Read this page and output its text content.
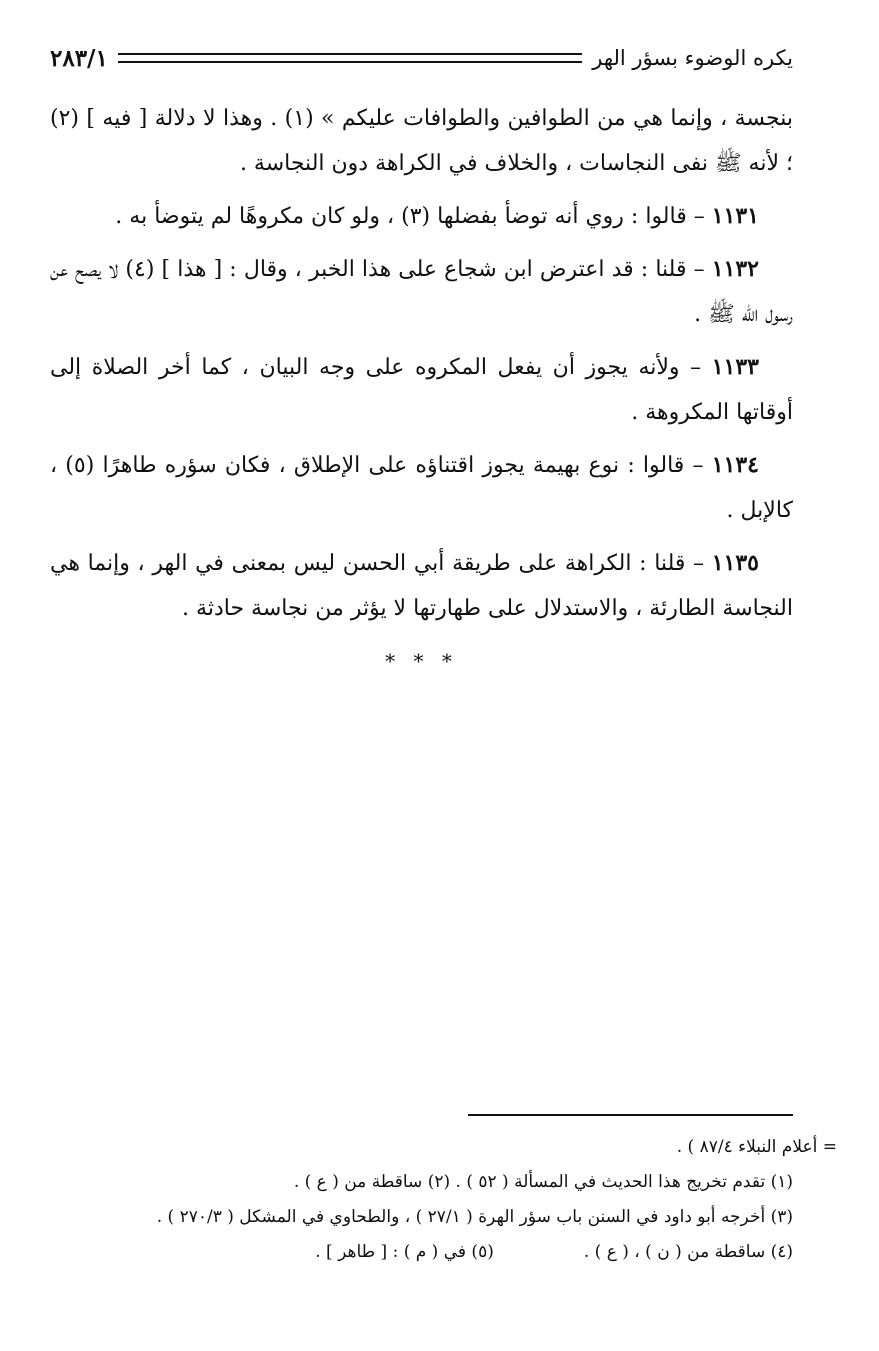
يكره الوضوء بسؤر الهر
٢٨٣/١

بنجسة ، وإنما هي من الطوافين والطوافات عليكم » (١) . وهذا لا دلالة [ فيه ] (٢) ؛ لأنه ﷺ نفى النجاسات ، والخلاف في الكراهة دون النجاسة .

١١٣١ – قالوا : روي أنه توضأ بفضلها (٣) ، ولو كان مكروهًا لم يتوضأ به .

١١٣٢ – قلنا : قد اعترض ابن شجاع على هذا الخبر ، وقال : [ هذا ] (٤) لا يصح عن رسول الله ﷺ .

١١٣٣ – ولأنه يجوز أن يفعل المكروه على وجه البيان ، كما أخر الصلاة إلى أوقاتها المكروهة .

١١٣٤ – قالوا : نوع بهيمة يجوز اقتناؤه على الإطلاق ، فكان سؤره طاهرًا (٥) ، كالإبل .

١١٣٥ – قلنا : الكراهة على طريقة أبي الحسن ليس بمعنى في الهر ، وإنما هي النجاسة الطارئة ، والاستدلال على طهارتها لا يؤثر من نجاسة حادثة .

* * *
= أعلام النبلاء ٨٧/٤ ) .
(١) تقدم تخريج هذا الحديث في المسألة ( ٥٢ ) . (٢) ساقطة من ( ع ) .
(٣) أخرجه أبو داود في السنن باب سؤر الهرة ( ٢٧/١ ) ، والطحاوي في المشكل ( ٢٧٠/٣ ) .
(٤) ساقطة من ( ن ) ، ( ع ) .
(٥) في ( م ) : [ طاهر ] .
